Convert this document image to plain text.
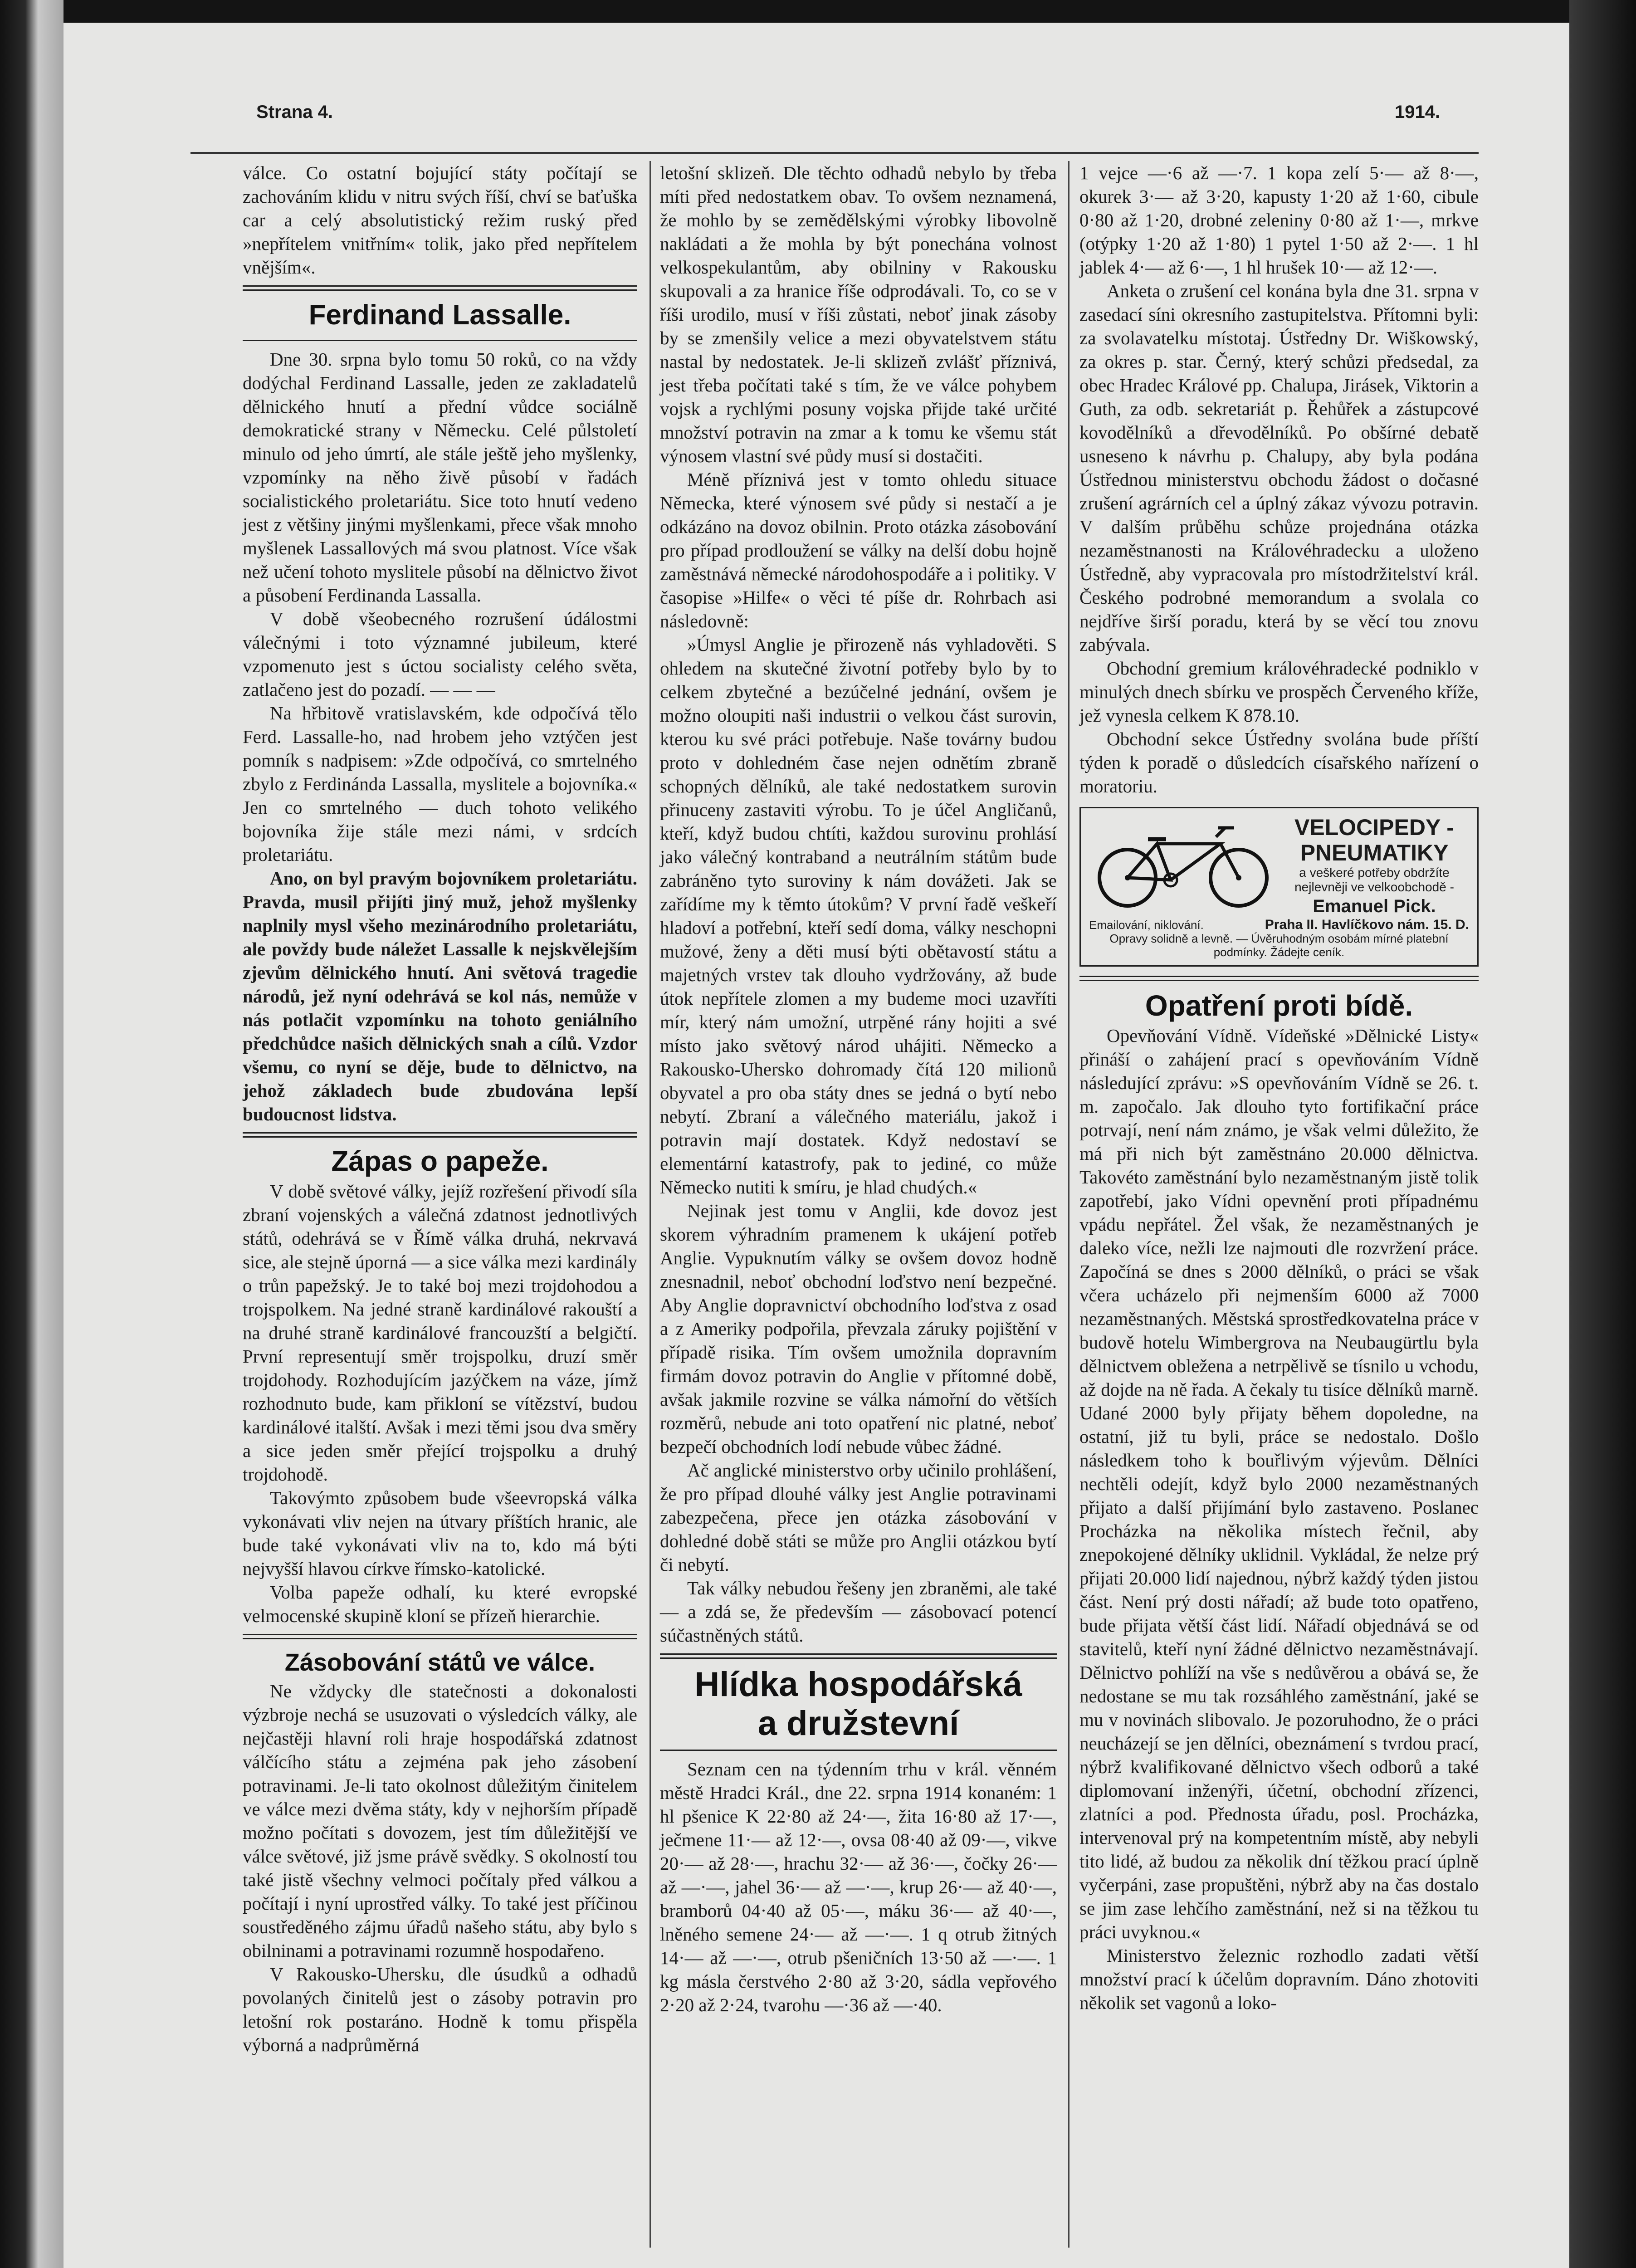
Strana 4.	1914.

válce. Co ostatní bojující státy počítají se zachováním klidu v nitru svých říší, chví se baťuška car a celý absolutistický režim ruský před »nepřítelem vnitřním« tolik, jako před nepřítelem vnějším«.

Ferdinand Lassalle.

Dne 30. srpna bylo tomu 50 roků, co na vždy dodýchal Ferdinand Lassalle, jeden ze zakladatelů dělnického hnutí a přední vůdce sociálně demokratické strany v Německu. Celé půlstoletí minulo od jeho úmrtí, ale stále ještě jeho myšlenky, vzpomínky na něho živě působí v řadách socialistického proletariátu. Sice toto hnutí vedeno jest z většiny jinými myšlenkami, přece však mnoho myšlenek Lassallových má svou platnost. Více však než učení tohoto myslitele působí na dělnictvo život a působení Ferdinanda Lassalla.

V době všeobecného rozrušení údálostmi válečnými i toto významné jubileum, které vzpomenuto jest s úctou socialisty celého světa, zatlačeno jest do pozadí. — — —

Na hřbitově vratislavském, kde odpočívá tělo Ferd. Lassalle-ho, nad hrobem jeho vztýčen jest pomník s nadpisem: »Zde odpočívá, co smrtelného zbylo z Ferdinánda Lassalla, myslitele a bojovníka.« Jen co smrtelného — duch tohoto velikého bojovníka žije stále mezi námi, v srdcích proletariátu.

Ano, on byl pravým bojovníkem proletariátu. Pravda, musil přijíti jiný muž, jehož myšlenky naplnily mysl všeho mezinárodního proletariátu, ale povždy bude náležet Lassalle k nejskvělejším zjevům dělnického hnutí. Ani světová tragedie národů, jež nyní odehrává se kol nás, nemůže v nás potlačit vzpomínku na tohoto geniálního předchůdce našich dělnických snah a cílů. Vzdor všemu, co nyní se děje, bude to dělnictvo, na jehož základech bude zbudována lepší budoucnost lidstva.

Zápas o papeže.

V době světové války, jejíž rozřešení přivodí síla zbraní vojenských a válečná zdatnost jednotlivých států, odehrává se v Římě válka druhá, nekrvavá sice, ale stejně úporná — a sice válka mezi kardinály o trůn papežský. Je to také boj mezi trojdohodou a trojspolkem. Na jedné straně kardinálové rakouští a na druhé straně kardinálové francouzští a belgičtí. První representují směr trojspolku, druzí směr trojdohody. Rozhodujícím jazýčkem na váze, jímž rozhodnuto bude, kam přikloní se vítězství, budou kardinálové italští. Avšak i mezi těmi jsou dva směry a sice jeden směr přející trojspolku a druhý trojdohodě.

Takovýmto způsobem bude všeevropská válka vykonávati vliv nejen na útvary příštích hranic, ale bude také vykonávati vliv na to, kdo má býti nejvyšší hlavou církve římsko-katolické.

Volba papeže odhalí, ku které evropské velmocenské skupině kloní se přízeň hierarchie.

Zásobování států ve válce.

Ne vždycky dle statečnosti a dokonalosti výzbroje nechá se usuzovati o výsledcích války, ale nejčastěji hlavní roli hraje hospodářská zdatnost válčícího státu a zejména pak jeho zásobení potravinami. Je-li tato okolnost důležitým činitelem ve válce mezi dvěma státy, kdy v nejhorším případě možno počítati s dovozem, jest tím důležitější ve válce světové, již jsme právě svědky. S okolností tou také jistě všechny velmoci počítaly před válkou a počítají i nyní uprostřed války. To také jest příčinou soustředěného zájmu úřadů našeho státu, aby bylo s obilninami a potravinami rozumně hospodařeno.

V Rakousko-Uhersku, dle úsudků a odhadů povolaných činitelů jest o zásoby potravin pro letošní rok postaráno. Hodně k tomu přispěla výborná a nadprůměrná

letošní sklizeň. Dle těchto odhadů nebylo by třeba míti před nedostatkem obav. To ovšem neznamená, že mohlo by se zemědělskými výrobky libovolně nakládati a že mohla by být ponechána volnost velkospekulantům, aby obilniny v Rakousku skupovali a za hranice říše odprodávali. To, co se v říši urodilo, musí v říši zůstati, neboť jinak zásoby by se zmenšily velice a mezi obyvatelstvem státu nastal by nedostatek. Je-li sklizeň zvlášť příznivá, jest třeba počítati také s tím, že ve válce pohybem vojsk a rychlými posuny vojska přijde také určité množství potravin na zmar a k tomu ke všemu stát výnosem vlastní své půdy musí si dostačiti.

Méně příznivá jest v tomto ohledu situace Německa, které výnosem své půdy si nestačí a je odkázáno na dovoz obilnin. Proto otázka zásobování pro případ prodloužení se války na delší dobu hojně zaměstnává německé národohospodáře a i politiky. V časopise »Hilfe« o věci té píše dr. Rohrbach asi následovně:

»Úmysl Anglie je přirozeně nás vyhladověti. S ohledem na skutečné životní potřeby bylo by to celkem zbytečné a bezúčelné jednání, ovšem je možno oloupiti naši industrii o velkou část surovin, kterou ku své práci potřebuje. Naše továrny budou proto v dohledném čase nejen odnětím zbraně schopných dělníků, ale také nedostatkem surovin přinuceny zastaviti výrobu. To je účel Angličanů, kteří, když budou chtíti, každou surovinu prohlásí jako válečný kontraband a neutrálním státům bude zabráněno tyto suroviny k nám dovážeti. Jak se zařídíme my k těmto útokům? V první řadě veškeří hladoví a potřební, kteří sedí doma, války neschopni mužové, ženy a děti musí býti obětavostí státu a majetných vrstev tak dlouho vydržovány, až bude útok nepřítele zlomen a my budeme moci uzavříti mír, který nám umožní, utrpěné rány hojiti a své místo jako světový národ uhájiti. Německo a Rakousko-Uhersko dohromady čítá 120 milionů obyvatel a pro oba státy dnes se jedná o bytí nebo nebytí. Zbraní a válečného materiálu, jakož i potravin mají dostatek. Když nedostaví se elementární katastrofy, pak to jediné, co může Německo nutiti k smíru, je hlad chudých.«

Nejinak jest tomu v Anglii, kde dovoz jest skorem výhradním pramenem k ukájení potřeb Anglie. Vypuknutím války se ovšem dovoz hodně znesnadnil, neboť obchodní loďstvo není bezpečné. Aby Anglie dopravnictví obchodního loďstva z osad a z Ameriky podpořila, převzala záruky pojištění v případě risika. Tím ovšem umožnila dopravním firmám dovoz potravin do Anglie v přítomné době, avšak jakmile rozvine se válka námořní do větších rozměrů, nebude ani toto opatření nic platné, neboť bezpečí obchodních lodí nebude vůbec žádné.

Ač anglické ministerstvo orby učinilo prohlášení, že pro případ dlouhé války jest Anglie potravinami zabezpečena, přece jen otázka zásobování v dohledné době státi se může pro Anglii otázkou bytí či nebytí.

Tak války nebudou řešeny jen zbraněmi, ale také — a zdá se, že především — zásobovací potencí súčastněných států.

Hlídka hospodářská
a družstevní

Seznam cen na týdenním trhu v král. věnném městě Hradci Král., dne 22. srpna 1914 konaném: 1 hl pšenice K 22·80 až 24·—, žita 16·80 až 17·—, ječmene 11·— až 12·—, ovsa 08·40 až 09·—, vikve 20·— až 28·—, hrachu 32·— až 36·—, čočky 26·— až —·—, jahel 36·— až —·—, krup 26·— až 40·—, bramborů 04·40 až 05·—, máku 36·— až 40·—, lněného semene 24·— až —·—. 1 q otrub žitných 14·— až —·—, otrub pšeničních 13·50 až —·—. 1 kg másla čerstvého 2·80 až 3·20, sádla vepřového 2·20 až 2·24, tvarohu —·36 až —·40.

1 vejce —·6 až —·7. 1 kopa zelí 5·— až 8·—, okurek 3·— až 3·20, kapusty 1·20 až 1·60, cibule 0·80 až 1·20, drobné zeleniny 0·80 až 1·—, mrkve (otýpky 1·20 až 1·80) 1 pytel 1·50 až 2·—. 1 hl jablek 4·— až 6·—, 1 hl hrušek 10·— až 12·—.

Anketa o zrušení cel konána byla dne 31. srpna v zasedací síni okresního zastupitelstva. Přítomni byli: za svolavatelku místotaj. Ústředny Dr. Wiškowský, za okres p. star. Černý, který schůzi předsedal, za obec Hradec Králové pp. Chalupa, Jirásek, Viktorin a Guth, za odb. sekretariát p. Řehůřek a zástupcové kovodělníků a dřevodělníků. Po obšírné debatě usneseno k návrhu p. Chalupy, aby byla podána Ústřednou ministerstvu obchodu žádost o dočasné zrušení agrárních cel a úplný zákaz vývozu potravin. V dalším průběhu schůze projednána otázka nezaměstnanosti na Královéhradecku a uloženo Ústředně, aby vypracovala pro místodržitelství král. Českého podrobné memorandum a svolala co nejdříve širší poradu, která by se věcí tou znovu zabývala.

Obchodní gremium královéhradecké podniklo v minulých dnech sbírku ve prospěch Červeného kříže, jež vynesla celkem K 878.10.

Obchodní sekce Ústředny svolána bude příští týden k poradě o důsledcích císařského nařízení o moratoriu.

VELOCIPEDY -
PNEUMATIKY
a veškeré potřeby obdržíte nejlevněji ve velkoobchodě -
Emanuel Pick.
Emailování, niklování.	Praha II. Havlíčkovo nám. 15. D.
Opravy solidně a levně. — Úvěruhodným osobám mírné platební podmínky. Žádejte ceník.
Opatření proti bídě.

Opevňování Vídně. Vídeňské »Dělnické Listy« přináší o zahájení prací s opevňováním Vídně následující zprávu: »S opevňováním Vídně se 26. t. m. započalo. Jak dlouho tyto fortifikační práce potrvají, není nám známo, je však velmi důležito, že má při nich být zaměstnáno 20.000 dělnictva. Takovéto zaměstnání bylo nezaměstnaným jistě tolik zapotřebí, jako Vídni opevnění proti případnému vpádu nepřátel. Žel však, že nezaměstnaných je daleko více, nežli lze najmouti dle rozvržení práce. Započíná se dnes s 2000 dělníků, o práci se však včera ucházelo při nejmenším 6000 až 7000 nezaměstnaných. Městská sprostředkovatelna práce v budově hotelu Wimbergrova na Neubaugürtlu byla dělnictvem obležena a netrpělivě se tísnilo u vchodu, až dojde na ně řada. A čekaly tu tisíce dělníků marně. Udané 2000 byly přijaty během dopoledne, na ostatní, již tu byli, práce se nedostalo. Došlo následkem toho k bouřlivým výjevům. Dělníci nechtěli odejít, když bylo 2000 nezaměstnaných přijato a další přijímání bylo zastaveno. Poslanec Procházka na několika místech řečnil, aby znepokojené dělníky uklidnil. Vykládal, že nelze prý přijati 20.000 lidí najednou, nýbrž každý týden jistou část. Není prý dosti nářadí; až bude toto opatřeno, bude přijata větší část lidí. Nářadí objednává se od stavitelů, kteří nyní žádné dělnictvo nezaměstnávají. Dělnictvo pohlíží na vše s nedůvěrou a obává se, že nedostane se mu tak rozsáhlého zaměstnání, jaké se mu v novinách slibovalo. Je pozoruhodno, že o práci neucházejí se jen dělníci, obeznámení s tvrdou prací, nýbrž kvalifikované dělnictvo všech odborů a také diplomovaní inženýři, účetní, obchodní zřízenci, zlatníci a pod. Přednosta úřadu, posl. Procházka, intervenoval prý na kompetentním místě, aby nebyli tito lidé, až budou za několik dní těžkou prací úplně vyčerpáni, zase propuštěni, nýbrž aby na čas dostalo se jim zase lehčího zaměstnání, než si na těžkou tu práci uvyknou.«

Ministerstvo železnic rozhodlo zadati větší množství prací k účelům dopravním. Dáno zhotoviti několik set vagonů a loko-
